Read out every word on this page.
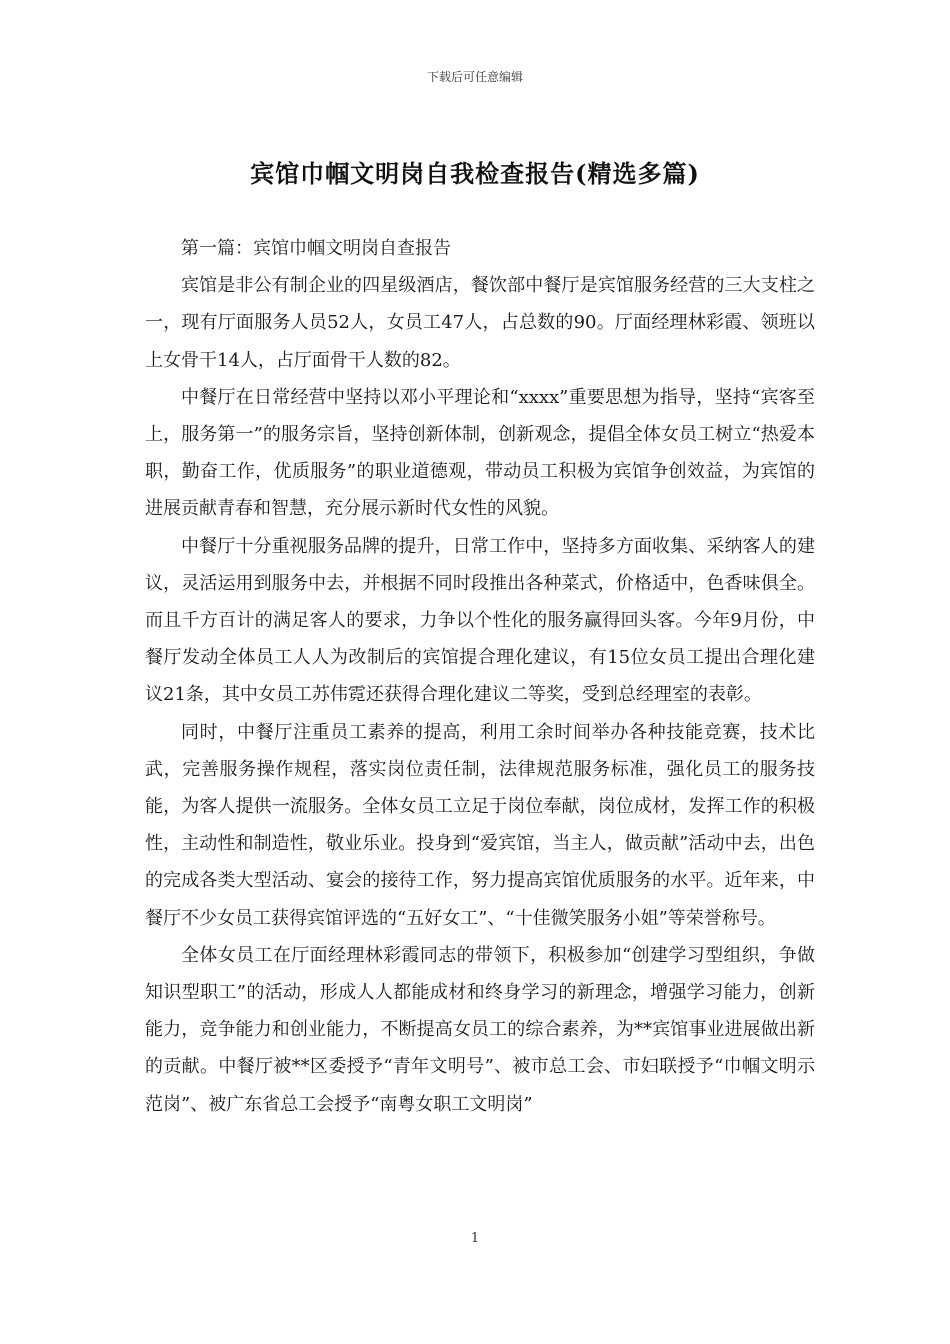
下载后可任意编辑
宾馆巾帼文明岗自我检查报告(精选多篇)

第一篇：宾馆巾帼文明岗自查报告

宾馆是非公有制企业的四星级酒店，餐饮部中餐厅是宾馆服务经营的三大支柱之一，现有厅面服务人员52人，女员工47人，占总数的90。厅面经理林彩霞、领班以上女骨干14人，占厅面骨干人数的82。

中餐厅在日常经营中坚持以邓小平理论和“xxxx”重要思想为指导，坚持“宾客至上，服务第一”的服务宗旨，坚持创新体制，创新观念，提倡全体女员工树立“热爱本职，勤奋工作，优质服务”的职业道德观，带动员工积极为宾馆争创效益，为宾馆的进展贡献青春和智慧，充分展示新时代女性的风貌。

中餐厅十分重视服务品牌的提升，日常工作中，坚持多方面收集、采纳客人的建议，灵活运用到服务中去，并根据不同时段推出各种菜式，价格适中，色香味俱全。而且千方百计的满足客人的要求，力争以个性化的服务赢得回头客。今年9月份，中餐厅发动全体员工人人为改制后的宾馆提合理化建议，有15位女员工提出合理化建议21条，其中女员工苏伟霓还获得合理化建议二等奖，受到总经理室的表彰。

同时，中餐厅注重员工素养的提高，利用工余时间举办各种技能竞赛，技术比武，完善服务操作规程，落实岗位责任制，法律规范服务标准，强化员工的服务技能，为客人提供一流服务。全体女员工立足于岗位奉献，岗位成材，发挥工作的积极性，主动性和制造性，敬业乐业。投身到“爱宾馆，当主人，做贡献”活动中去，出色的完成各类大型活动、宴会的接待工作，努力提高宾馆优质服务的水平。近年来，中餐厅不少女员工获得宾馆评选的“五好女工”、“十佳微笑服务小姐”等荣誉称号。

全体女员工在厅面经理林彩霞同志的带领下，积极参加“创建学习型组织，争做知识型职工”的活动，形成人人都能成材和终身学习的新理念，增强学习能力，创新能力，竞争能力和创业能力，不断提高女员工的综合素养，为**宾馆事业进展做出新的贡献。中餐厅被**区委授予“青年文明号”、被市总工会、市妇联授予“巾帼文明示范岗”、被广东省总工会授予“南粤女职工文明岗”

1
